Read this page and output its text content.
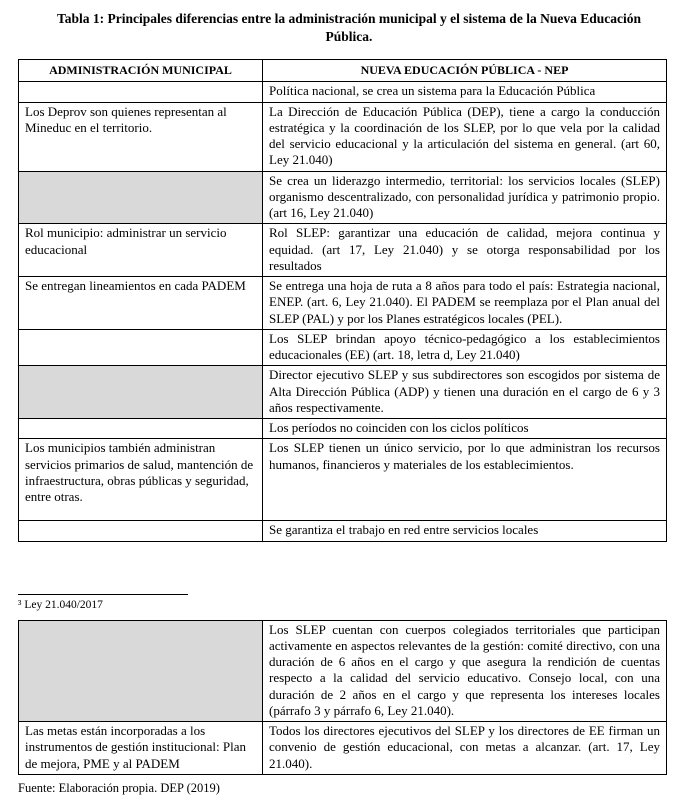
Tabla 1: Principales diferencias entre la administración municipal y el sistema de la Nueva Educación Pública.
ADMINISTRACIÓN MUNICIPAL	NUEVA EDUCACIÓN PÚBLICA - NEP
	Política nacional, se crea un sistema para la Educación Pública
Los Deprov son quienes representan al Mineduc en el territorio.	La Dirección de Educación Pública (DEP), tiene a cargo la conducción estratégica y la coordinación de los SLEP, por lo que vela por la calidad del servicio educacional y la articulación del sistema en general. (art 60, Ley 21.040)
	Se crea un liderazgo intermedio, territorial: los servicios locales (SLEP) organismo descentralizado, con personalidad jurídica y patrimonio propio. (art 16, Ley 21.040)
Rol municipio: administrar un servicio educacional	Rol SLEP: garantizar una educación de calidad, mejora continua y equidad. (art 17, Ley 21.040) y se otorga responsabilidad por los resultados
Se entregan lineamientos en cada PADEM	Se entrega una hoja de ruta a 8 años para todo el país: Estrategia nacional, ENEP. (art. 6, Ley 21.040). El PADEM se reemplaza por el Plan anual del SLEP (PAL) y por los Planes estratégicos locales (PEL).
	Los SLEP brindan apoyo técnico-pedagógico a los establecimientos educacionales (EE) (art. 18, letra d, Ley 21.040)
	Director ejecutivo SLEP y sus subdirectores son escogidos por sistema de Alta Dirección Pública (ADP) y tienen una duración en el cargo de 6 y 3 años respectivamente.
	Los períodos no coinciden con los ciclos políticos
Los municipios también administran servicios primarios de salud, mantención de infraestructura, obras públicas y seguridad, entre otras.	Los SLEP tienen un único servicio, por lo que administran los recursos humanos, financieros y materiales de los establecimientos.
	Se garantiza el trabajo en red entre servicios locales
³ Ley 21.040/2017
	Los SLEP cuentan con cuerpos colegiados territoriales que participan activamente en aspectos relevantes de la gestión: comité directivo, con una duración de 6 años en el cargo y que asegura la rendición de cuentas respecto a la calidad del servicio educativo. Consejo local, con una duración de 2 años en el cargo y que representa los intereses locales (párrafo 3 y párrafo 6, Ley 21.040).
Las metas están incorporadas a los instrumentos de gestión institucional: Plan de mejora, PME y al PADEM	Todos los directores ejecutivos del SLEP y los directores de EE firman un convenio de gestión educacional, con metas a alcanzar. (art. 17, Ley 21.040).
Fuente: Elaboración propia. DEP (2019)
